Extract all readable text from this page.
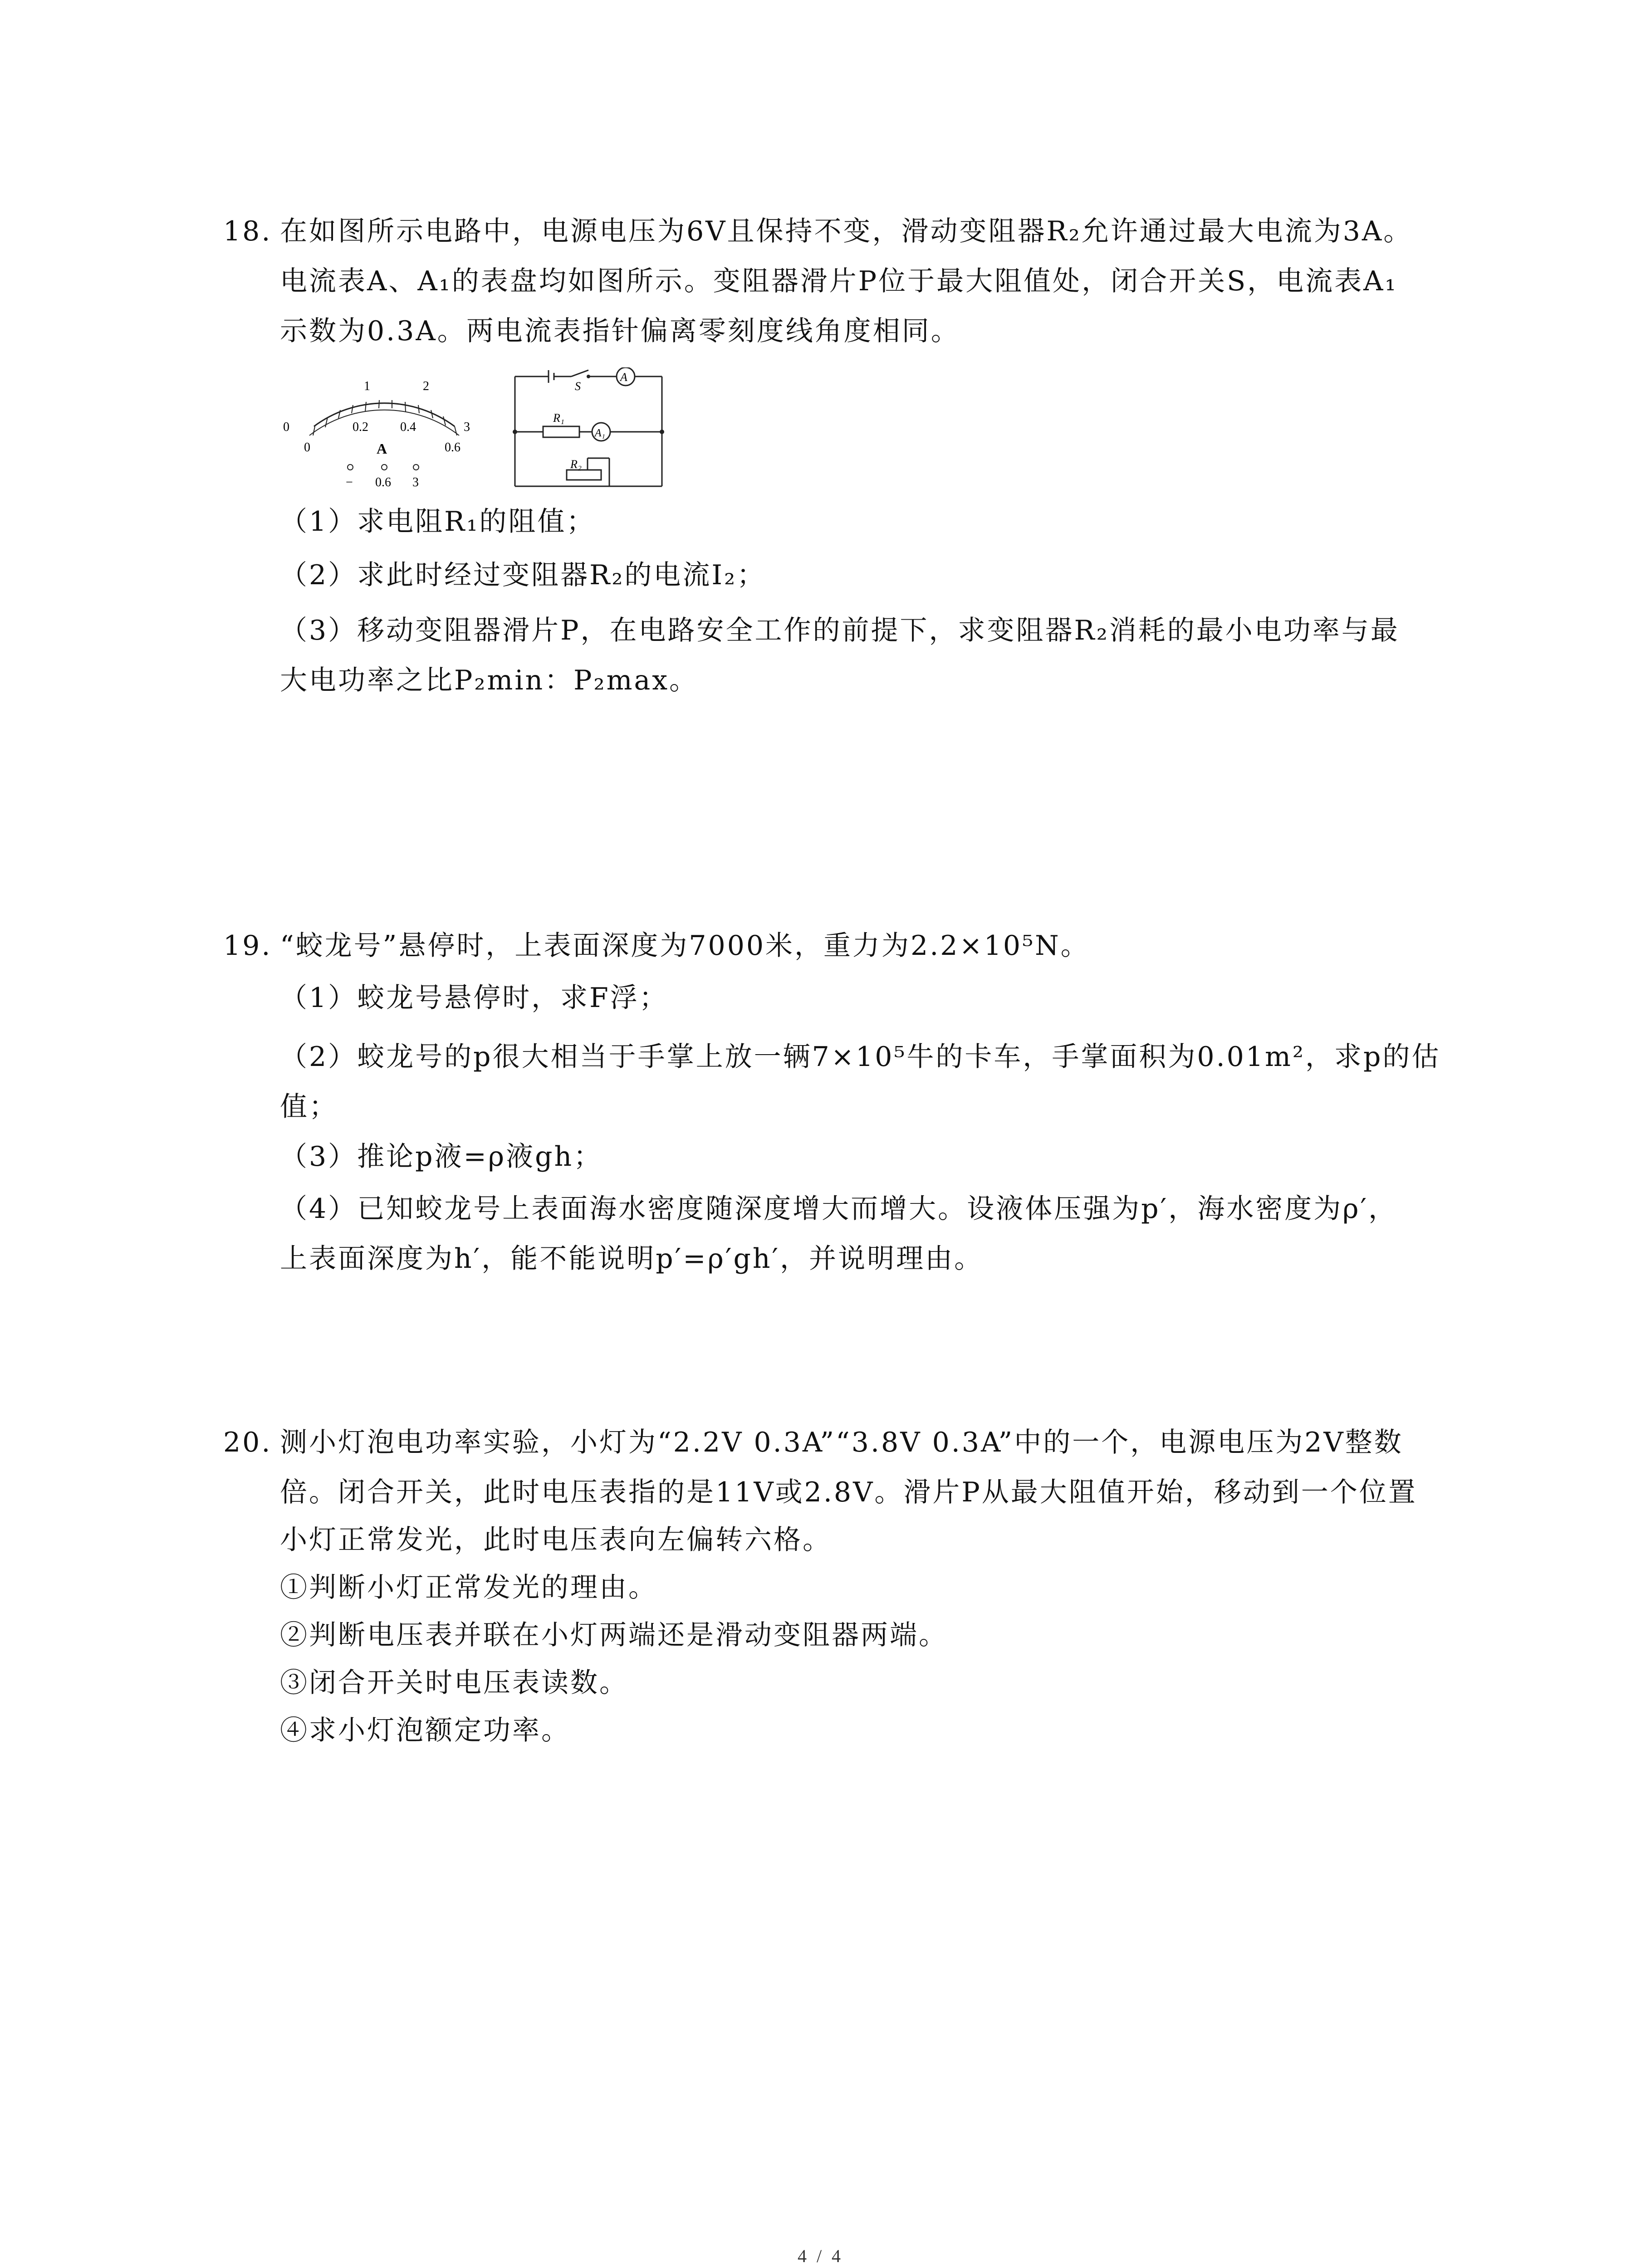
18. 在如图所示电路中，电源电压为6V且保持不变，滑动变阻器R₂允许通过最大电流为3A。
电流表A、A₁的表盘均如图所示。变阻器滑片P位于最大阻值处，闭合开关S，电流表A₁
示数为0.3A。两电流表指针偏离零刻度线角度相同。
0
1	2
3
0
0.2	0.4
0.6
A
− 0.6 3
S
A
A₁
R₁
R₂
（1）求电阻R₁的阻值；
（2）求此时经过变阻器R₂的电流I₂；
（3）移动变阻器滑片P，在电路安全工作的前提下，求变阻器R₂消耗的最小电功率与最
大电功率之比P₂min：P₂max。
19. “蛟龙号”悬停时，上表面深度为7000米，重力为2.2×10⁵N。
（1）蛟龙号悬停时，求F浮；
（2）蛟龙号的p很大相当于手掌上放一辆7×10⁵牛的卡车，手掌面积为0.01m²，求p的估
值；
（3）推论p液=ρ液gh；
（4）已知蛟龙号上表面海水密度随深度增大而增大。设液体压强为p′，海水密度为ρ′，
上表面深度为h′，能不能说明p′=ρ′gh′，并说明理由。
20. 测小灯泡电功率实验，小灯为“2.2V 0.3A”“3.8V 0.3A”中的一个，电源电压为2V整数
倍。闭合开关，此时电压表指的是11V或2.8V。滑片P从最大阻值开始，移动到一个位置
小灯正常发光，此时电压表向左偏转六格。
①判断小灯正常发光的理由。
②判断电压表并联在小灯两端还是滑动变阻器两端。
③闭合开关时电压表读数。
④求小灯泡额定功率。
4 / 4
